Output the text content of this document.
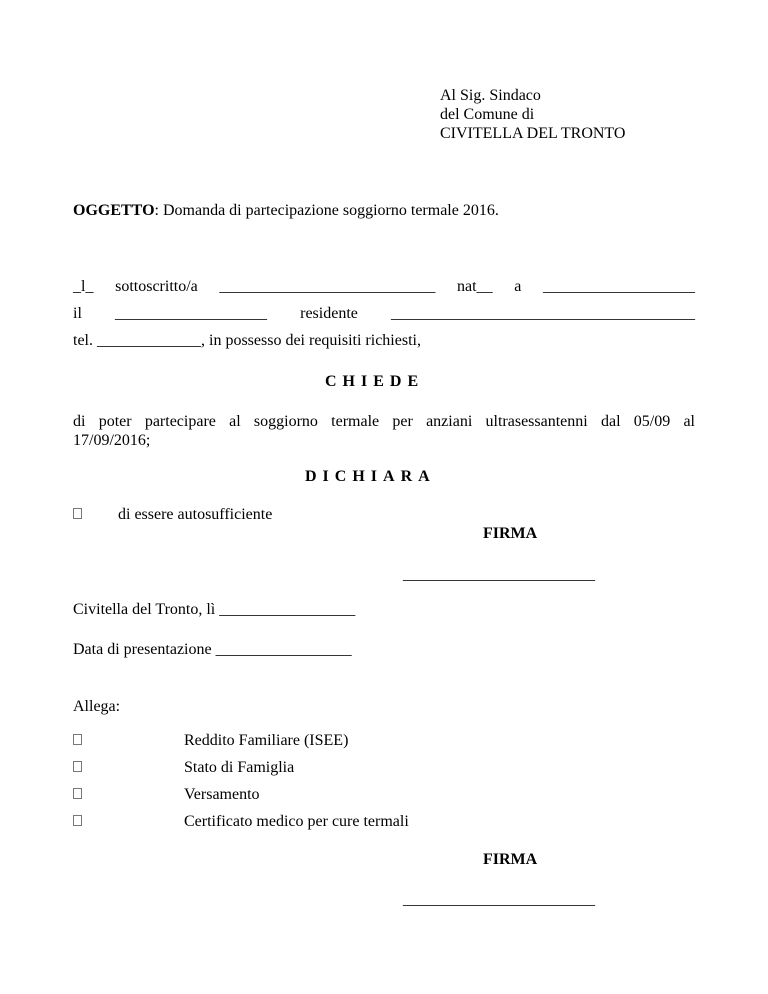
Al Sig. Sindaco
del Comune di
CIVITELLA DEL TRONTO
OGGETTO: Domanda di partecipazione soggiorno termale 2016.
_l_ sottoscritto/a ___________________________ nat__ a ___________________
il ___________________ residente ______________________________________
tel. _____________, in possesso dei requisiti richiesti,
CHIEDE
di poter partecipare al soggiorno termale per anziani ultrasessantenni dal 05/09 al
17/09/2016;
DICHIARA
di essere autosufficiente
FIRMA
________________________
Civitella del Tronto, lì _________________
Data di presentazione _________________
Allega:
Reddito Familiare (ISEE)
Stato di Famiglia
Versamento
Certificato medico per cure termali
FIRMA
________________________
